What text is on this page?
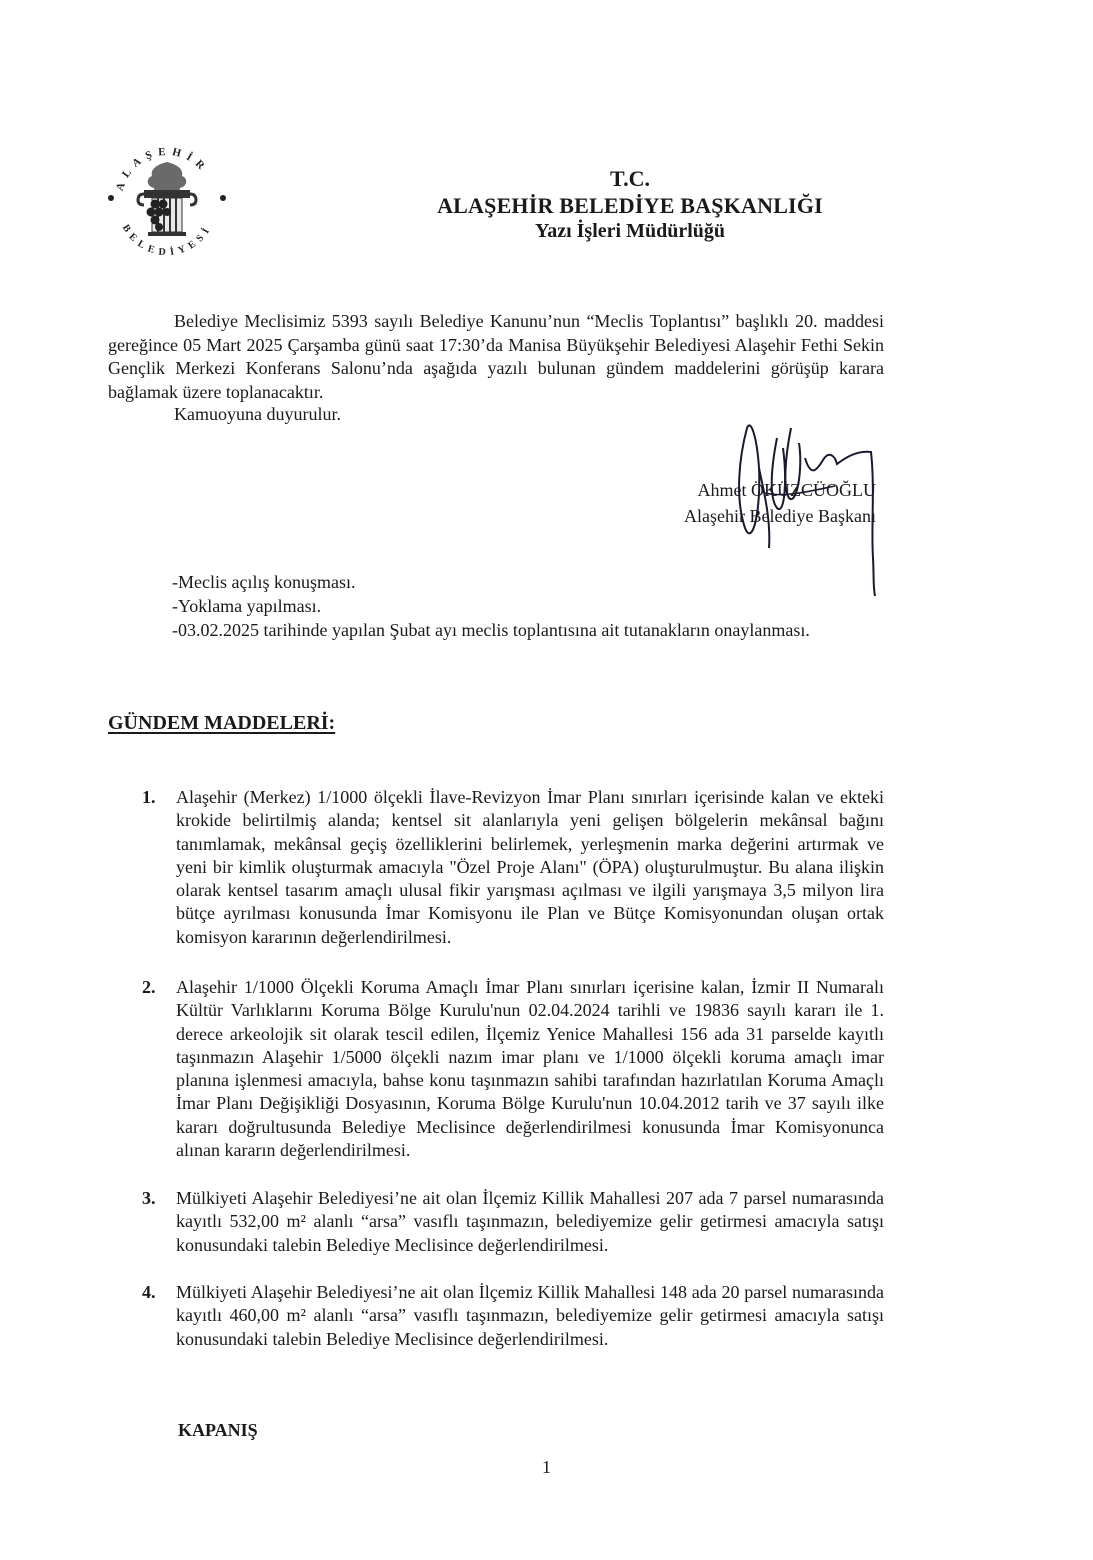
ALAŞEHİR
BELEDİYESİ
T.C.
ALAŞEHİR BELEDİYE BAŞKANLIĞI
Yazı İşleri Müdürlüğü

Belediye Meclisimiz 5393 sayılı Belediye Kanunu’nun “Meclis Toplantısı” başlıklı 20. maddesi gereğince 05 Mart 2025 Çarşamba günü saat 17:30’da Manisa Büyükşehir Belediyesi Alaşehir Fethi Sekin Gençlik Merkezi Konferans Salonu’nda aşağıda yazılı bulunan gündem maddelerini görüşüp karara bağlamak üzere toplanacaktır.

Kamuoyuna duyurulur.
Ahmet ÖKÜZCÜOĞLU
Alaşehir Belediye Başkanı
-Meclis açılış konuşması.
-Yoklama yapılması.
-03.02.2025 tarihinde yapılan Şubat ayı meclis toplantısına ait tutanakların onaylanması.
GÜNDEM MADDELERİ:
1.	Alaşehir (Merkez) 1/1000 ölçekli İlave-Revizyon İmar Planı sınırları içerisinde kalan ve ekteki krokide belirtilmiş alanda; kentsel sit alanlarıyla yeni gelişen bölgelerin mekânsal bağını tanımlamak, mekânsal geçiş özelliklerini belirlemek, yerleşmenin marka değerini artırmak ve yeni bir kimlik oluşturmak amacıyla "Özel Proje Alanı" (ÖPA) oluşturulmuştur. Bu alana ilişkin olarak kentsel tasarım amaçlı ulusal fikir yarışması açılması ve ilgili yarışmaya 3,5 milyon lira bütçe ayrılması konusunda İmar Komisyonu ile Plan ve Bütçe Komisyonundan oluşan ortak komisyon kararının değerlendirilmesi.
2.	Alaşehir 1/1000 Ölçekli Koruma Amaçlı İmar Planı sınırları içerisine kalan, İzmir II Numaralı Kültür Varlıklarını Koruma Bölge Kurulu'nun 02.04.2024 tarihli ve 19836 sayılı kararı ile 1. derece arkeolojik sit olarak tescil edilen, İlçemiz Yenice Mahallesi 156 ada 31 parselde kayıtlı taşınmazın Alaşehir 1/5000 ölçekli nazım imar planı ve 1/1000 ölçekli koruma amaçlı imar planına işlenmesi amacıyla, bahse konu taşınmazın sahibi tarafından hazırlatılan Koruma Amaçlı İmar Planı Değişikliği Dosyasının, Koruma Bölge Kurulu'nun 10.04.2012 tarih ve 37 sayılı ilke kararı doğrultusunda Belediye Meclisince değerlendirilmesi konusunda İmar Komisyonunca alınan kararın değerlendirilmesi.
3.	Mülkiyeti Alaşehir Belediyesi’ne ait olan İlçemiz Killik Mahallesi 207 ada 7 parsel numarasında kayıtlı 532,00 m² alanlı “arsa” vasıflı taşınmazın, belediyemize gelir getirmesi amacıyla satışı konusundaki talebin Belediye Meclisince değerlendirilmesi.
4.	Mülkiyeti Alaşehir Belediyesi’ne ait olan İlçemiz Killik Mahallesi 148 ada 20 parsel numarasında kayıtlı 460,00 m² alanlı “arsa” vasıflı taşınmazın, belediyemize gelir getirmesi amacıyla satışı konusundaki talebin Belediye Meclisince değerlendirilmesi.
KAPANIŞ
1
